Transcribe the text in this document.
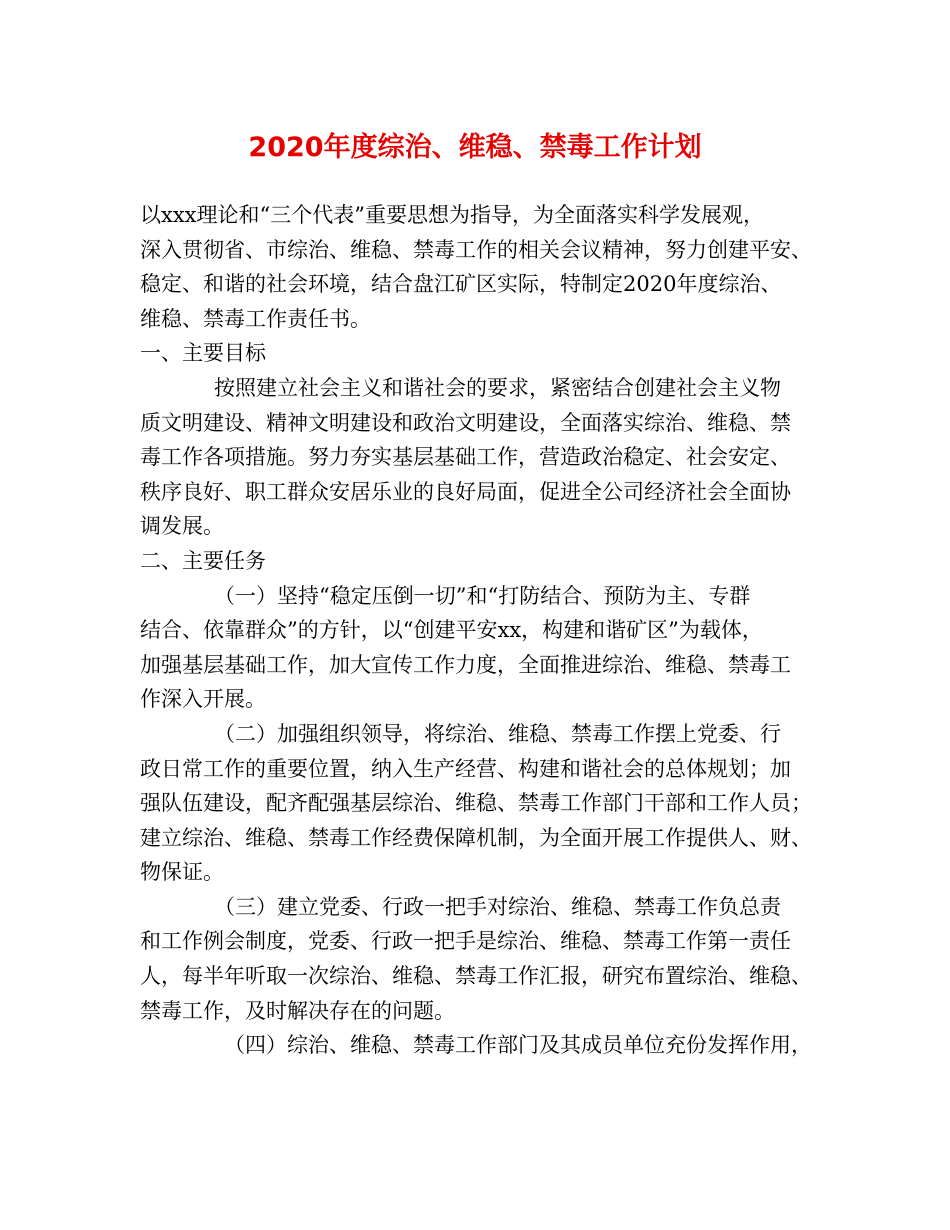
2020年度综治、维稳、禁毒工作计划
以xxx理论和“三个代表”重要思想为指导，为全面落实科学发展观，
深入贯彻省、市综治、维稳、禁毒工作的相关会议精神，努力创建平安、
稳定、和谐的社会环境，结合盘江矿区实际，特制定2020年度综治、
维稳、禁毒工作责任书。
一、主要目标
按照建立社会主义和谐社会的要求，紧密结合创建社会主义物
质文明建设、精神文明建设和政治文明建设，全面落实综治、维稳、禁
毒工作各项措施。努力夯实基层基础工作，营造政治稳定、社会安定、
秩序良好、职工群众安居乐业的良好局面，促进全公司经济社会全面协
调发展。
二、主要任务
（一）坚持“稳定压倒一切”和“打防结合、预防为主、专群
结合、依靠群众”的方针，以“创建平安xx，构建和谐矿区”为载体，
加强基层基础工作，加大宣传工作力度，全面推进综治、维稳、禁毒工
作深入开展。
（二）加强组织领导，将综治、维稳、禁毒工作摆上党委、行
政日常工作的重要位置，纳入生产经营、构建和谐社会的总体规划；加
强队伍建设，配齐配强基层综治、维稳、禁毒工作部门干部和工作人员；
建立综治、维稳、禁毒工作经费保障机制，为全面开展工作提供人、财、
物保证。
（三）建立党委、行政一把手对综治、维稳、禁毒工作负总责
和工作例会制度，党委、行政一把手是综治、维稳、禁毒工作第一责任
人，每半年听取一次综治、维稳、禁毒工作汇报，研究布置综治、维稳、
禁毒工作，及时解决存在的问题。
（四）综治、维稳、禁毒工作部门及其成员单位充份发挥作用，
